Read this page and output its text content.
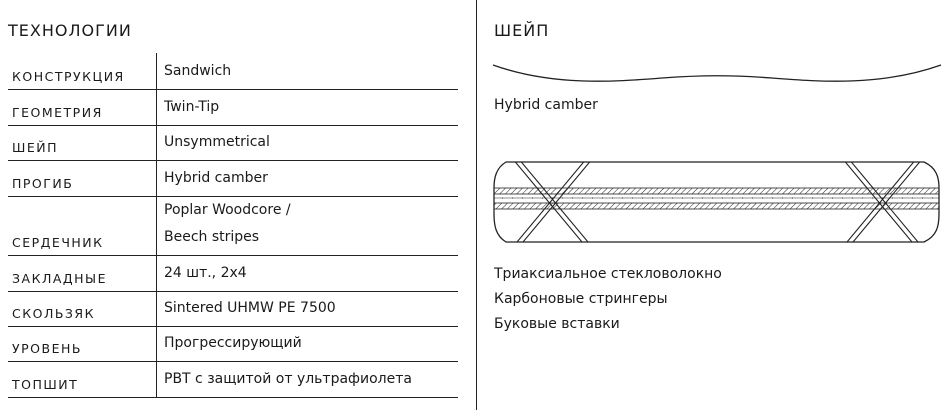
ТЕХНОЛОГИИ
КОНСТРУКЦИЯ	Sandwich
ГЕОМЕТРИЯ	Twin-Tip
ШЕЙП	Unsymmetrical
ПРОГИБ	Hybrid camber
СЕРДЕЧНИК	Poplar Woodcore /
Beech stripes

ЗАКЛАДНЫЕ	24 шт., 2x4
СКОЛЬЗЯК	Sintered UHMW PE 7500
УРОВЕНЬ	Прогрессирующий
ТОПШИТ	PBT с защитой от ультрафиолета
ШЕЙП
Hybrid camber
Триаксиальное стекловолокно
Карбоновые стрингеры
Буковые вставки
